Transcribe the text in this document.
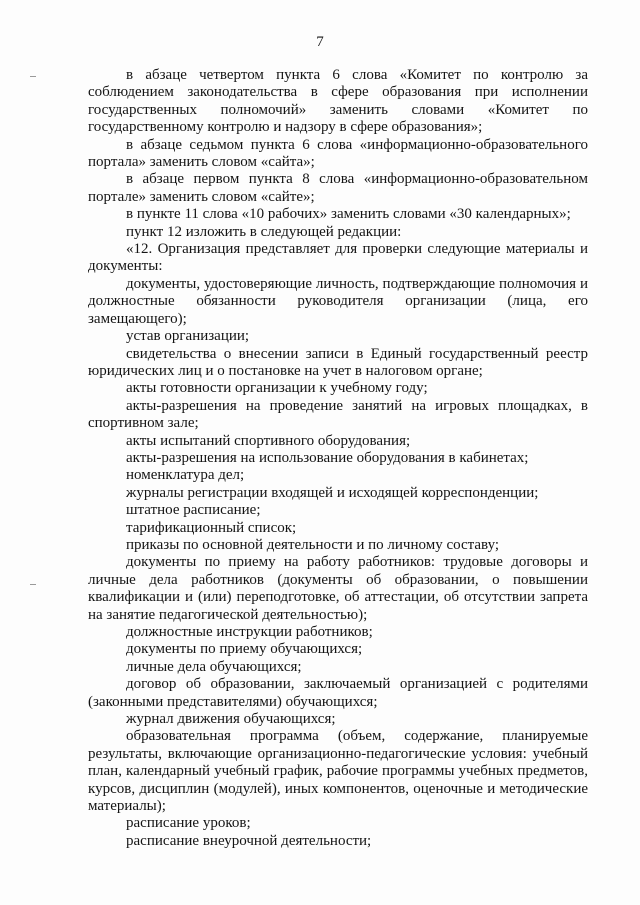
7

в абзаце четвертом пункта 6 слова «Комитет по контролю за соблюдением законодательства в сфере образования при исполнении государственных полномочий» заменить словами «Комитет по государственному контролю и надзору в сфере образования»;

в абзаце седьмом пункта 6 слова «информационно-образовательного портала» заменить словом «сайта»;

в абзаце первом пункта 8 слова «информационно-образовательном портале» заменить словом «сайте»;

в пункте 11 слова «10 рабочих» заменить словами «30 календарных»;

пункт 12 изложить в следующей редакции:

«12. Организация представляет для проверки следующие материалы и документы:

документы, удостоверяющие личность, подтверждающие полномочия и должностные обязанности руководителя организации (лица, его замещающего);

устав организации;

свидетельства о внесении записи в Единый государственный реестр юридических лиц и о постановке на учет в налоговом органе;

акты готовности организации к учебному году;

акты-разрешения на проведение занятий на игровых площадках, в спортивном зале;

акты испытаний спортивного оборудования;

акты-разрешения на использование оборудования в кабинетах;

номенклатура дел;

журналы регистрации входящей и исходящей корреспонденции;

штатное расписание;

тарификационный список;

приказы по основной деятельности и по личному составу;

документы по приему на работу работников: трудовые договоры и личные дела работников (документы об образовании, о повышении квалификации и (или) переподготовке, об аттестации, об отсутствии запрета на занятие педагогической деятельностью);

должностные инструкции работников;

документы по приему обучающихся;

личные дела обучающихся;

договор об образовании, заключаемый организацией с родителями (законными представителями) обучающихся;

журнал движения обучающихся;

образовательная программа (объем, содержание, планируемые результаты, включающие организационно-педагогические условия: учебный план, календарный учебный график, рабочие программы учебных предметов, курсов, дисциплин (модулей), иных компонентов, оценочные и методические материалы);

расписание уроков;

расписание внеурочной деятельности;
